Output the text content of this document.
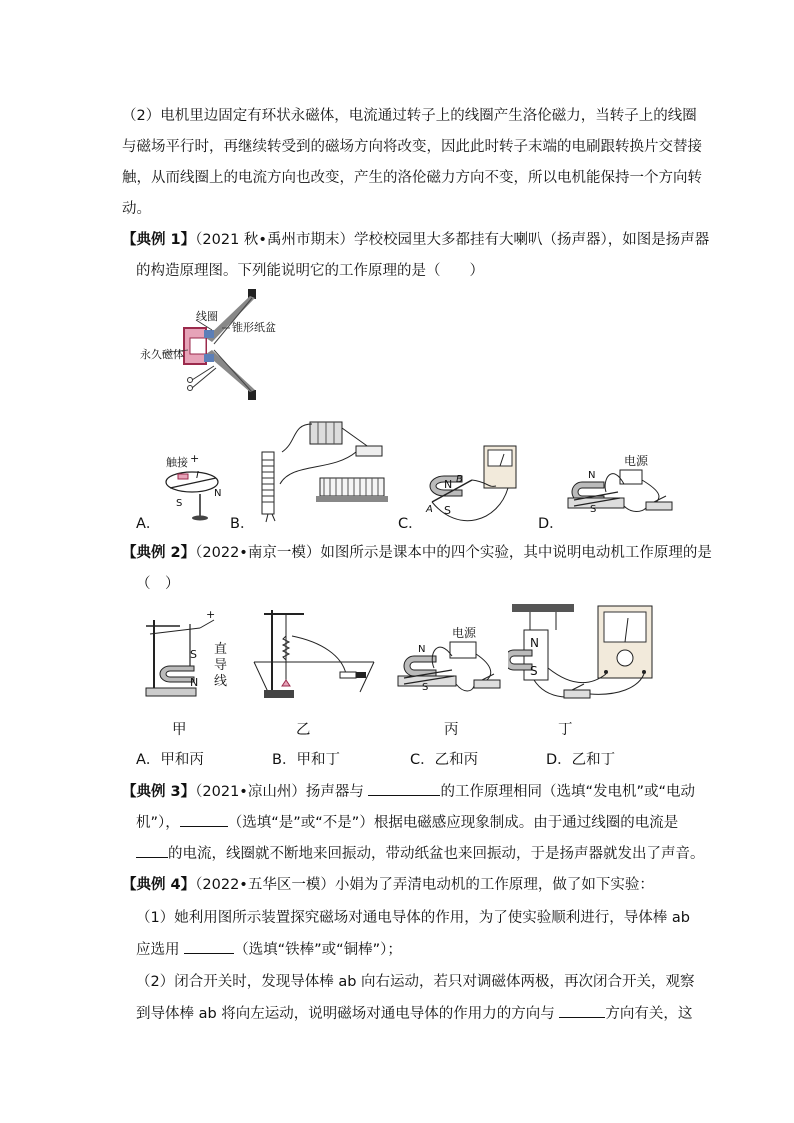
（2）电机里边固定有环状永磁体，电流通过转子上的线圈产生洛伦磁力，当转子上的线圈
与磁场平行时，再继续转受到的磁场方向将改变，因此此时转子末端的电刷跟转换片交替接
触，从而线圈上的电流方向也改变，产生的洛伦磁力方向不变，所以电机能保持一个方向转
动。
【典例 1】（2021 秋•禹州市期末）学校校园里大多都挂有大喇叭（扬声器），如图是扬声器
的构造原理图。下列能说明它的工作原理的是（　　）
线圈
锥形纸盆
永久磁体
触接 +
I
S
N
N B
S
A
电源
N
S
A．	B．	C．	D．
【典例 2】（2022•南京一模）如图所示是课本中的四个实验，其中说明电动机工作原理的是
（　）
+
S
N
直导线
甲	乙
电源
N
S
丙
N
S
丁
A．甲和丙	B．甲和丁	C．乙和丙	D．乙和丁
【典例 3】（2021•凉山州）扬声器与	的工作原理相同（选填“发电机”或“电动
机”），	（选填“是”或“不是”）根据电磁感应现象制成。由于通过线圈的电流是
的电流，线圈就不断地来回振动，带动纸盆也来回振动，于是扬声器就发出了声音。
【典例 4】（2022•五华区一模）小娟为了弄清电动机的工作原理，做了如下实验：
（1）她利用图所示装置探究磁场对通电导体的作用，为了使实验顺利进行，导体棒 ab
应选用	（选填“铁棒”或“铜棒”）；
（2）闭合开关时，发现导体棒 ab 向右运动，若只对调磁体两极，再次闭合开关，观察
到导体棒 ab 将向左运动，说明磁场对通电导体的作用力的方向与	方向有关，这
